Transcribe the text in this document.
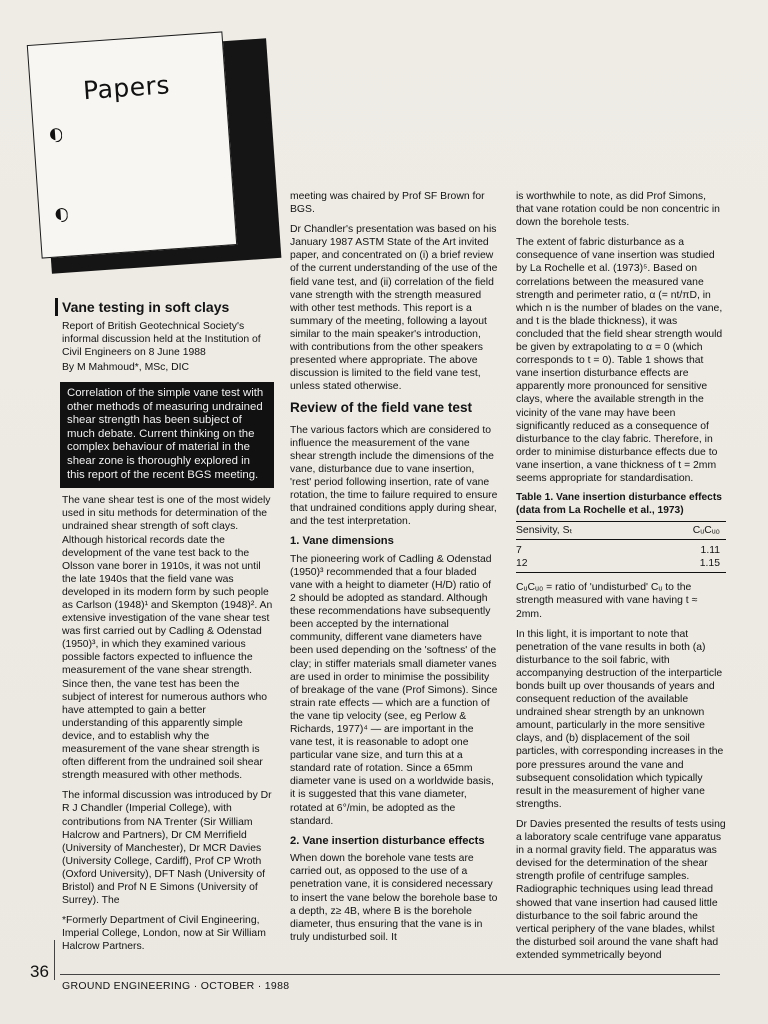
Papers
Vane testing in soft clays
Report of British Geotechnical Society's informal discussion held at the Institution of Civil Engineers on 8 June 1988
By M Mahmoud*, MSc, DIC
Correlation of the simple vane test with other methods of measuring undrained shear strength has been subject of much debate. Current thinking on the complex behaviour of material in the shear zone is thoroughly explored in this report of the recent BGS meeting.

The vane shear test is one of the most widely used in situ methods for determination of the undrained shear strength of soft clays. Although historical records date the development of the vane test back to the Olsson vane borer in 1910s, it was not until the late 1940s that the field vane was developed in its modern form by such people as Carlson (1948)¹ and Skempton (1948)². An extensive investigation of the vane shear test was first carried out by Cadling & Odenstad (1950)³, in which they examined various possible factors expected to influence the measurement of the vane shear strength. Since then, the vane test has been the subject of interest for numerous authors who have attempted to gain a better understanding of this apparently simple device, and to establish why the measurement of the vane shear strength is often different from the undrained soil shear strength measured with other methods.

The informal discussion was introduced by Dr R J Chandler (Imperial College), with contributions from NA Trenter (Sir William Halcrow and Partners), Dr CM Merrifield (University of Manchester), Dr MCR Davies (University College, Cardiff), Prof CP Wroth (Oxford University), DFT Nash (University of Bristol) and Prof N E Simons (University of Surrey). The

*Formerly Department of Civil Engineering, Imperial College, London, now at Sir William Halcrow Partners.

meeting was chaired by Prof SF Brown for BGS.

Dr Chandler's presentation was based on his January 1987 ASTM State of the Art invited paper, and concentrated on (i) a brief review of the current understanding of the use of the field vane test, and (ii) correlation of the field vane strength with the strength measured with other test methods. This report is a summary of the meeting, following a layout similar to the main speaker's introduction, with contributions from the other speakers presented where appropriate. The above discussion is limited to the field vane test, unless stated otherwise.

Review of the field vane test

The various factors which are considered to influence the measurement of the vane shear strength include the dimensions of the vane, disturbance due to vane insertion, 'rest' period following insertion, rate of vane rotation, the time to failure required to ensure that undrained conditions apply during shear, and the test interpretation.

1. Vane dimensions

The pioneering work of Cadling & Odenstad (1950)³ recommended that a four bladed vane with a height to diameter (H/D) ratio of 2 should be adopted as standard. Although these recommendations have subsequently been accepted by the international community, different vane diameters have been used depending on the 'softness' of the clay; in stiffer materials small diameter vanes are used in order to minimise the possibility of breakage of the vane (Prof Simons). Since strain rate effects — which are a function of the vane tip velocity (see, eg Perlow & Richards, 1977)⁴ — are important in the vane test, it is reasonable to adopt one particular vane size, and turn this at a standard rate of rotation. Since a 65mm diameter vane is used on a worldwide basis, it is suggested that this vane diameter, rotated at 6°/min, be adopted as the standard.

2. Vane insertion disturbance effects

When down the borehole vane tests are carried out, as opposed to the use of a penetration vane, it is considered necessary to insert the vane below the borehole base to a depth, z≥ 4B, where B is the borehole diameter, thus ensuring that the vane is in truly undisturbed soil. It

is worthwhile to note, as did Prof Simons, that vane rotation could be non concentric in down the borehole tests.

The extent of fabric disturbance as a consequence of vane insertion was studied by La Rochelle et al. (1973)⁵. Based on correlations between the measured vane strength and perimeter ratio, α (= nt/πD, in which n is the number of blades on the vane, and t is the blade thickness), it was concluded that the field shear strength would be given by extrapolating to α = 0 (which corresponds to t = 0). Table 1 shows that vane insertion disturbance effects are apparently more pronounced for sensitive clays, where the available strength in the vicinity of the vane may have been significantly reduced as a consequence of disturbance to the clay fabric. Therefore, in order to minimise disturbance effects due to vane insertion, a vane thickness of t = 2mm seems appropriate for standardisation.

Table 1. Vane insertion disturbance effects (data from La Rochelle et al., 1973)
Sensivity, Sₜ	CᵤCᵤ₀
7	1.11
12	1.15

CᵤCᵤ₀ = ratio of 'undisturbed' Cᵤ to the strength measured with vane having t ≈ 2mm.

In this light, it is important to note that penetration of the vane results in both (a) disturbance to the soil fabric, with accompanying destruction of the interparticle bonds built up over thousands of years and consequent reduction of the available undrained shear strength by an unknown amount, particularly in the more sensitive clays, and (b) displacement of the soil particles, with corresponding increases in the pore pressures around the vane and subsequent consolidation which typically result in the measurement of higher vane strengths.

Dr Davies presented the results of tests using a laboratory scale centrifuge vane apparatus in a normal gravity field. The apparatus was devised for the determination of the shear strength profile of centrifuge samples. Radiographic techniques using lead thread showed that vane insertion had caused little disturbance to the soil fabric around the vertical periphery of the vane blades, whilst the disturbed soil around the vane shaft had extended symmetrically beyond

36
GROUND ENGINEERING · OCTOBER · 1988
